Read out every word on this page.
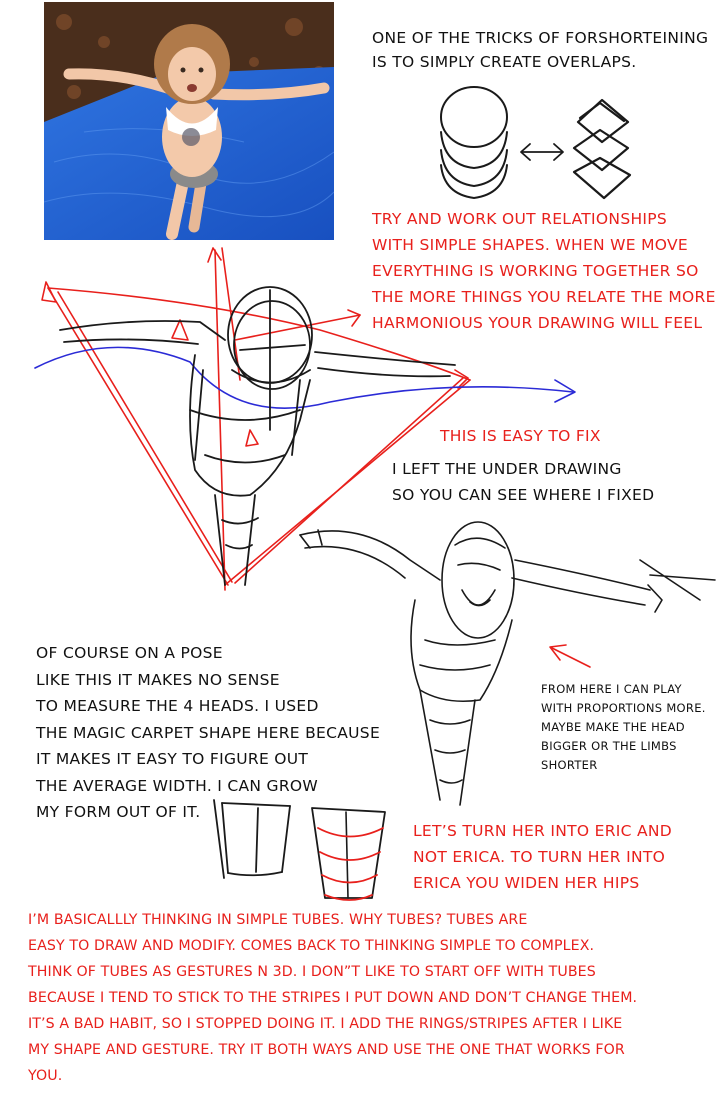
ONE OF THE TRICKS OF FORSHORTEINING
IS TO SIMPLY CREATE OVERLAPS.
TRY AND WORK OUT RELATIONSHIPS
WITH SIMPLE SHAPES. WHEN WE MOVE
EVERYTHING IS WORKING TOGETHER SO
THE MORE THINGS YOU RELATE THE MORE
HARMONIOUS YOUR DRAWING WILL FEEL
THIS IS EASY TO FIX
I LEFT THE UNDER DRAWING
SO YOU CAN SEE WHERE I FIXED
OF COURSE ON A POSE
LIKE THIS IT MAKES NO SENSE
TO MEASURE THE 4 HEADS. I USED
THE MAGIC CARPET SHAPE HERE BECAUSE
IT MAKES IT EASY TO FIGURE OUT
THE AVERAGE WIDTH. I CAN GROW
MY FORM OUT OF IT.
FROM HERE I CAN PLAY
WITH PROPORTIONS MORE.
MAYBE MAKE THE HEAD
BIGGER OR THE LIMBS
SHORTER
LET’S TURN HER INTO ERIC AND
NOT ERICA. TO TURN HER INTO
ERICA YOU WIDEN HER HIPS
I’M BASICALLLY THINKING IN SIMPLE TUBES. WHY TUBES? TUBES ARE
EASY TO DRAW AND MODIFY. COMES BACK TO THINKING SIMPLE TO COMPLEX.
THINK OF TUBES AS GESTURES N 3D. I DON”T LIKE TO START OFF WITH TUBES
BECAUSE I TEND TO STICK TO THE STRIPES I PUT DOWN AND DON’T CHANGE THEM.
IT’S A BAD HABIT, SO I STOPPED DOING IT. I ADD THE RINGS/STRIPES AFTER I LIKE
MY SHAPE AND GESTURE. TRY IT BOTH WAYS AND USE THE ONE THAT WORKS FOR
YOU.
